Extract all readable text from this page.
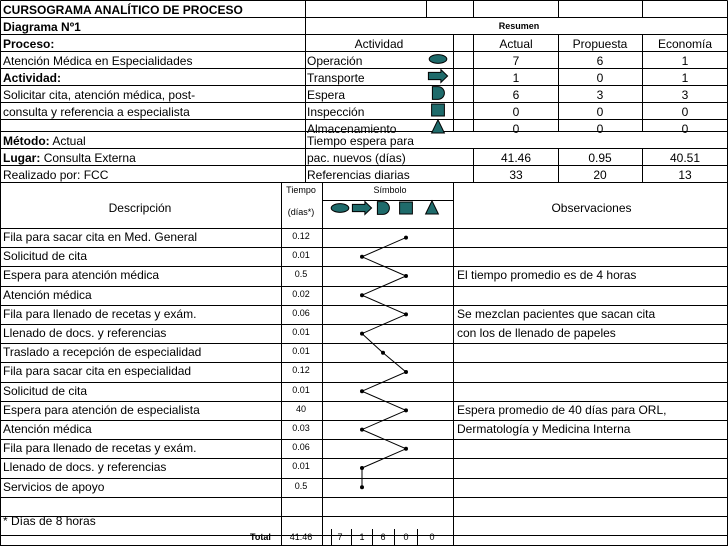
CURSOGRAMA ANALÍTICO DE PROCESO
Diagrama Nº1
Proceso:
Atención Médica en Especialidades
Actividad:
Solicitar cita, atención médica, post-
consulta y referencia a especialista
Método: Actual
Lugar: Consulta Externa
Realizado por: FCC
Resumen
Actividad	Actual	Propuesta	Economía
Operación	7	6	1
Transporte	1	0	1
Espera	6	3	3
Inspección	0	0	0
Almacenamiento	0	0	0
Tiempo espera para
pac. nuevos (días)	41.46	0.95	40.51
Referencias diarias	33	20	13
Tiempo
(días*)
Símbolo
Descripción	Observaciones
Fila para sacar cita en Med. General	0.12
Solicitud de cita	0.01
Espera para atención médica	0.5	El tiempo promedio es de 4 horas
Atención médica	0.02
Fila para llenado de recetas y exám.	0.06	Se mezclan pacientes que sacan cita
Llenado de docs. y referencias	0.01	con los de llenado de papeles
Traslado a recepción de especialidad	0.01
Fila para sacar cita en especialidad	0.12
Solicitud de cita	0.01
Espera para atención de especialista	40	Espera promedio de 40 días para ORL,
Atención médica	0.03	Dermatología y Medicina Interna
Fila para llenado de recetas y exám.	0.06
Llenado de docs. y referencias	0.01
Servicios de apoyo	0.5
* Días de 8 horas
Total	41.46	7	1	6	0	0
